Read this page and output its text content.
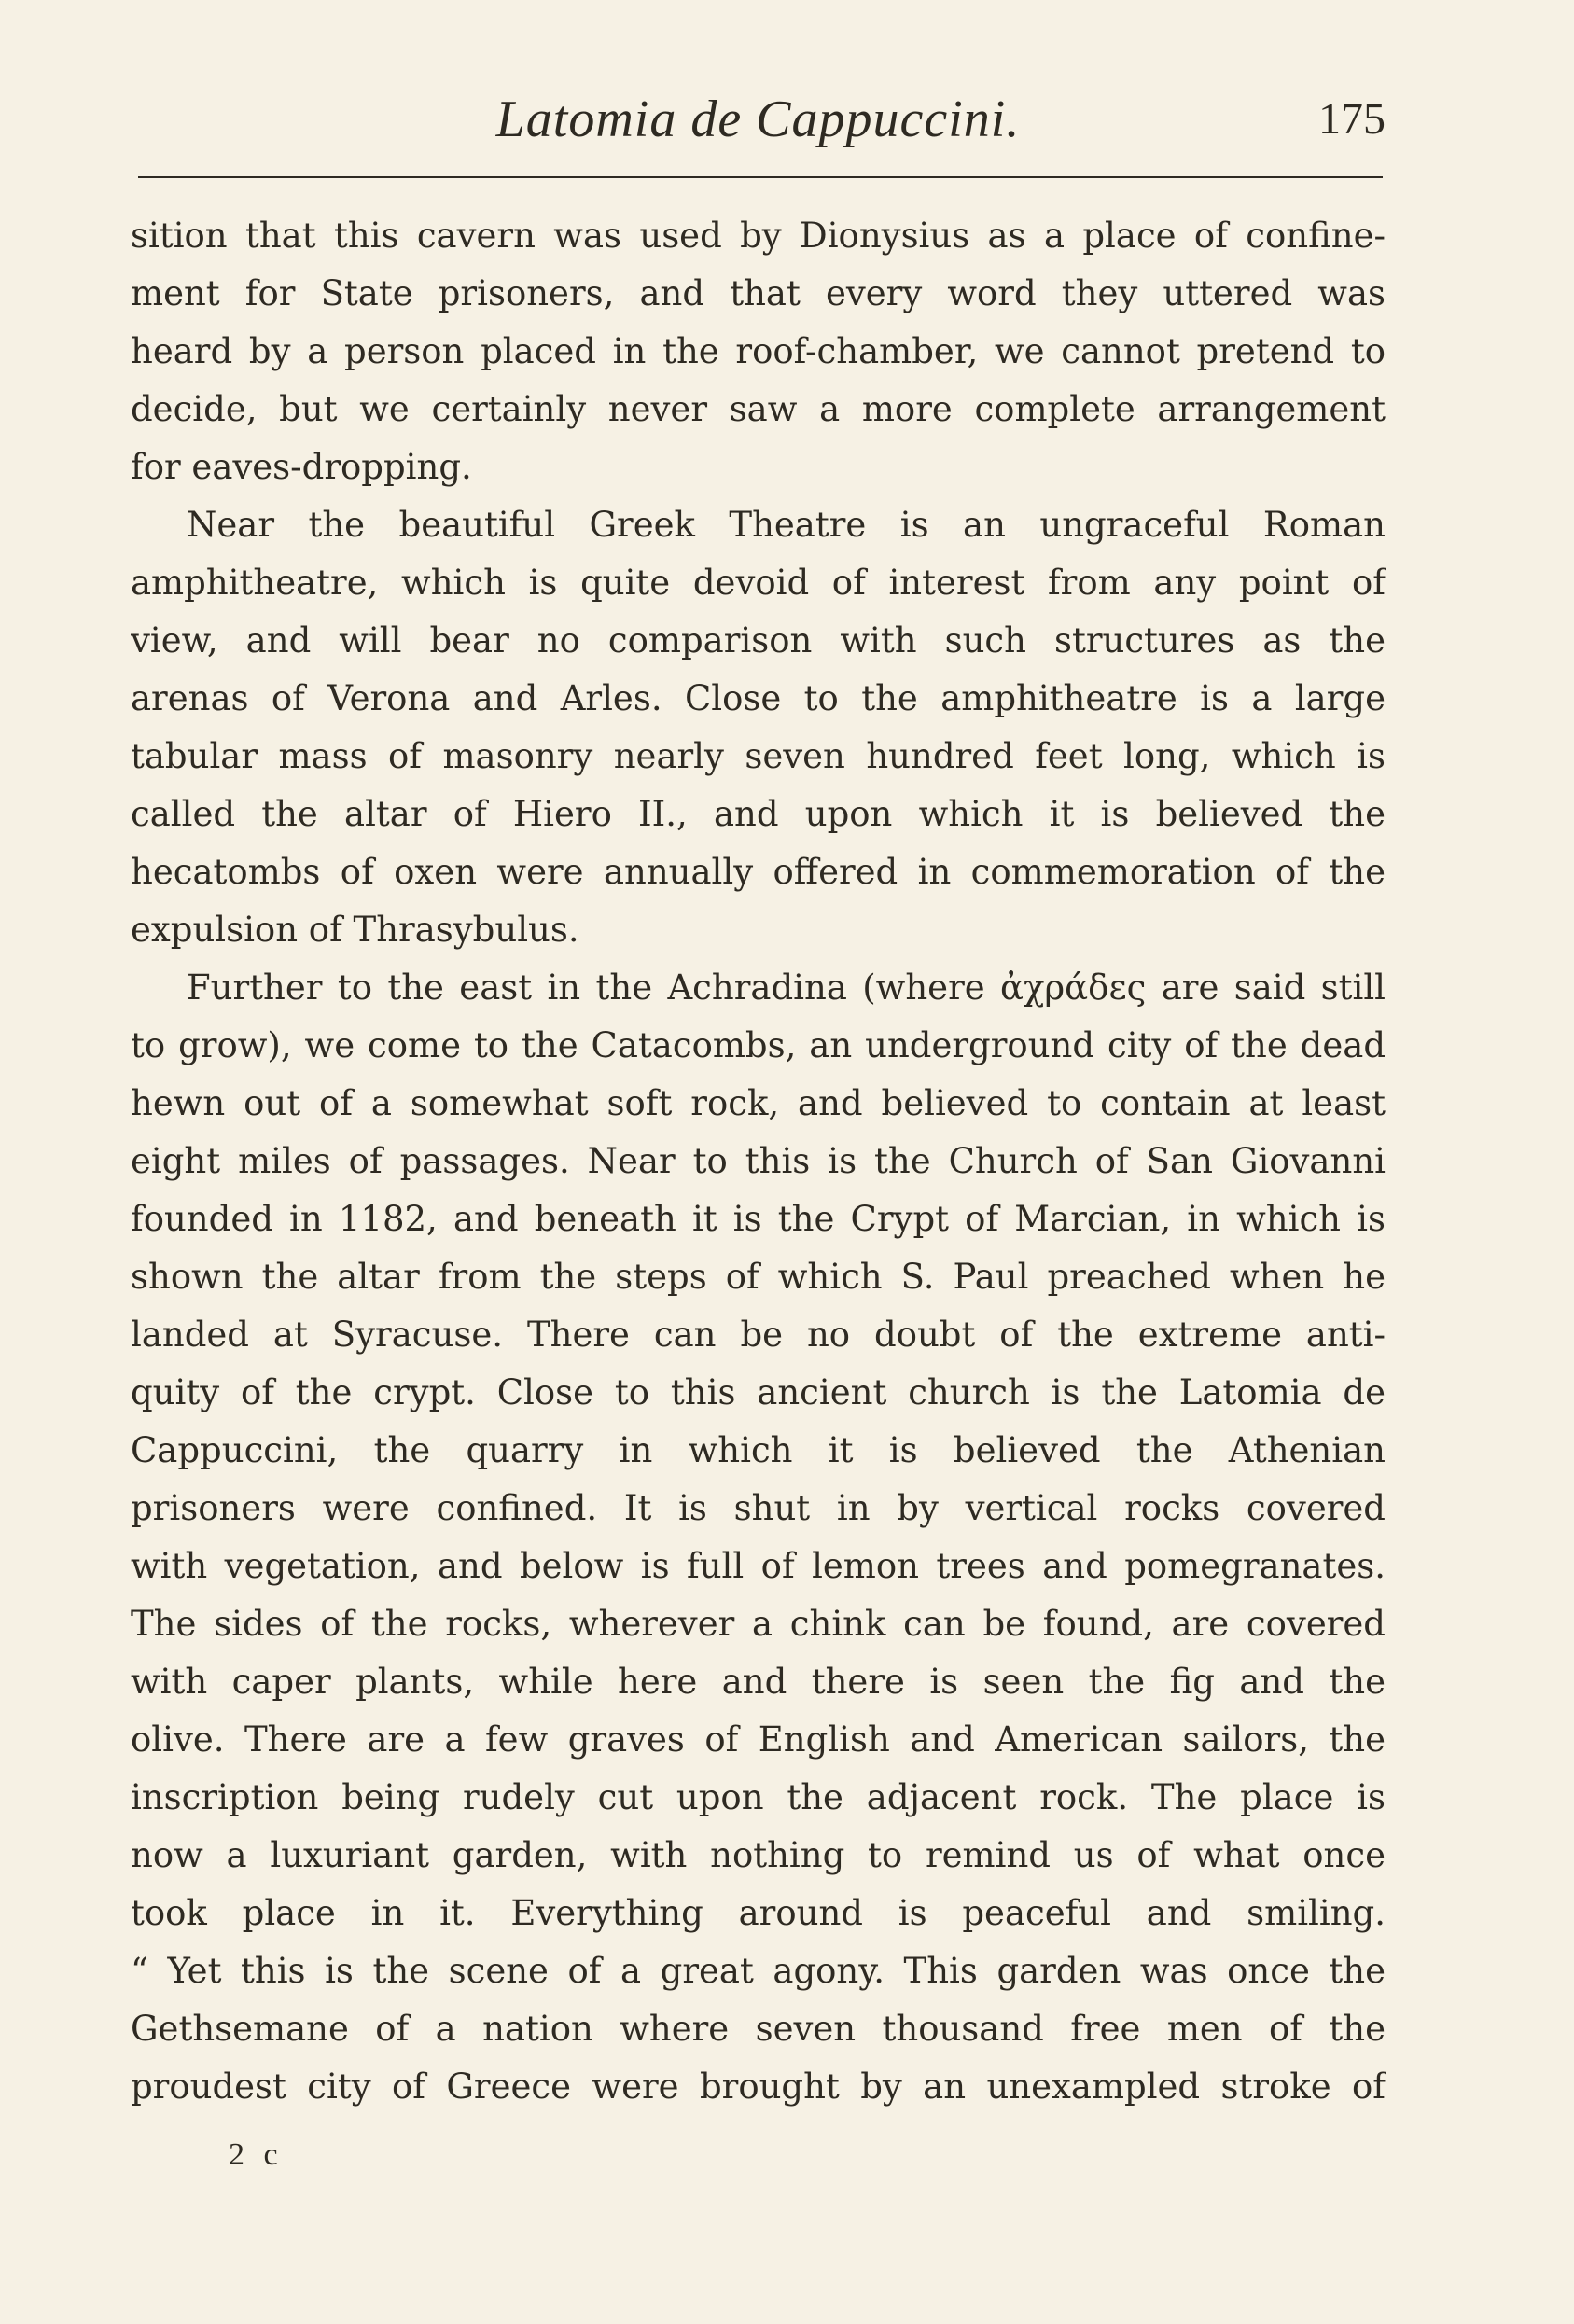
Latomia de Cappuccini.	175
sition that this cavern was used by Dionysius as a place of confine-
ment for State prisoners, and that every word they uttered was
heard by a person placed in the roof-chamber, we cannot pretend to
decide, but we certainly never saw a more complete arrangement
for eaves-dropping.
Near the beautiful Greek Theatre is an ungraceful Roman
amphitheatre, which is quite devoid of interest from any point of
view, and will bear no comparison with such structures as the
arenas of Verona and Arles. Close to the amphitheatre is a large
tabular mass of masonry nearly seven hundred feet long, which is
called the altar of Hiero II., and upon which it is believed the
hecatombs of oxen were annually offered in commemoration of the
expulsion of Thrasybulus.
Further to the east in the Achradina (where ἀχράδες are said still
to grow), we come to the Catacombs, an underground city of the dead
hewn out of a somewhat soft rock, and believed to contain at least
eight miles of passages. Near to this is the Church of San Giovanni
founded in 1182, and beneath it is the Crypt of Marcian, in which is
shown the altar from the steps of which S. Paul preached when he
landed at Syracuse. There can be no doubt of the extreme anti-
quity of the crypt. Close to this ancient church is the Latomia de
Cappuccini, the quarry in which it is believed the Athenian
prisoners were confined. It is shut in by vertical rocks covered
with vegetation, and below is full of lemon trees and pomegranates.
The sides of the rocks, wherever a chink can be found, are covered
with caper plants, while here and there is seen the fig and the
olive. There are a few graves of English and American sailors, the
inscription being rudely cut upon the adjacent rock. The place is
now a luxuriant garden, with nothing to remind us of what once
took place in it. Everything around is peaceful and smiling.
“ Yet this is the scene of a great agony. This garden was once the
Gethsemane of a nation where seven thousand free men of the
proudest city of Greece were brought by an unexampled stroke of
2 c
